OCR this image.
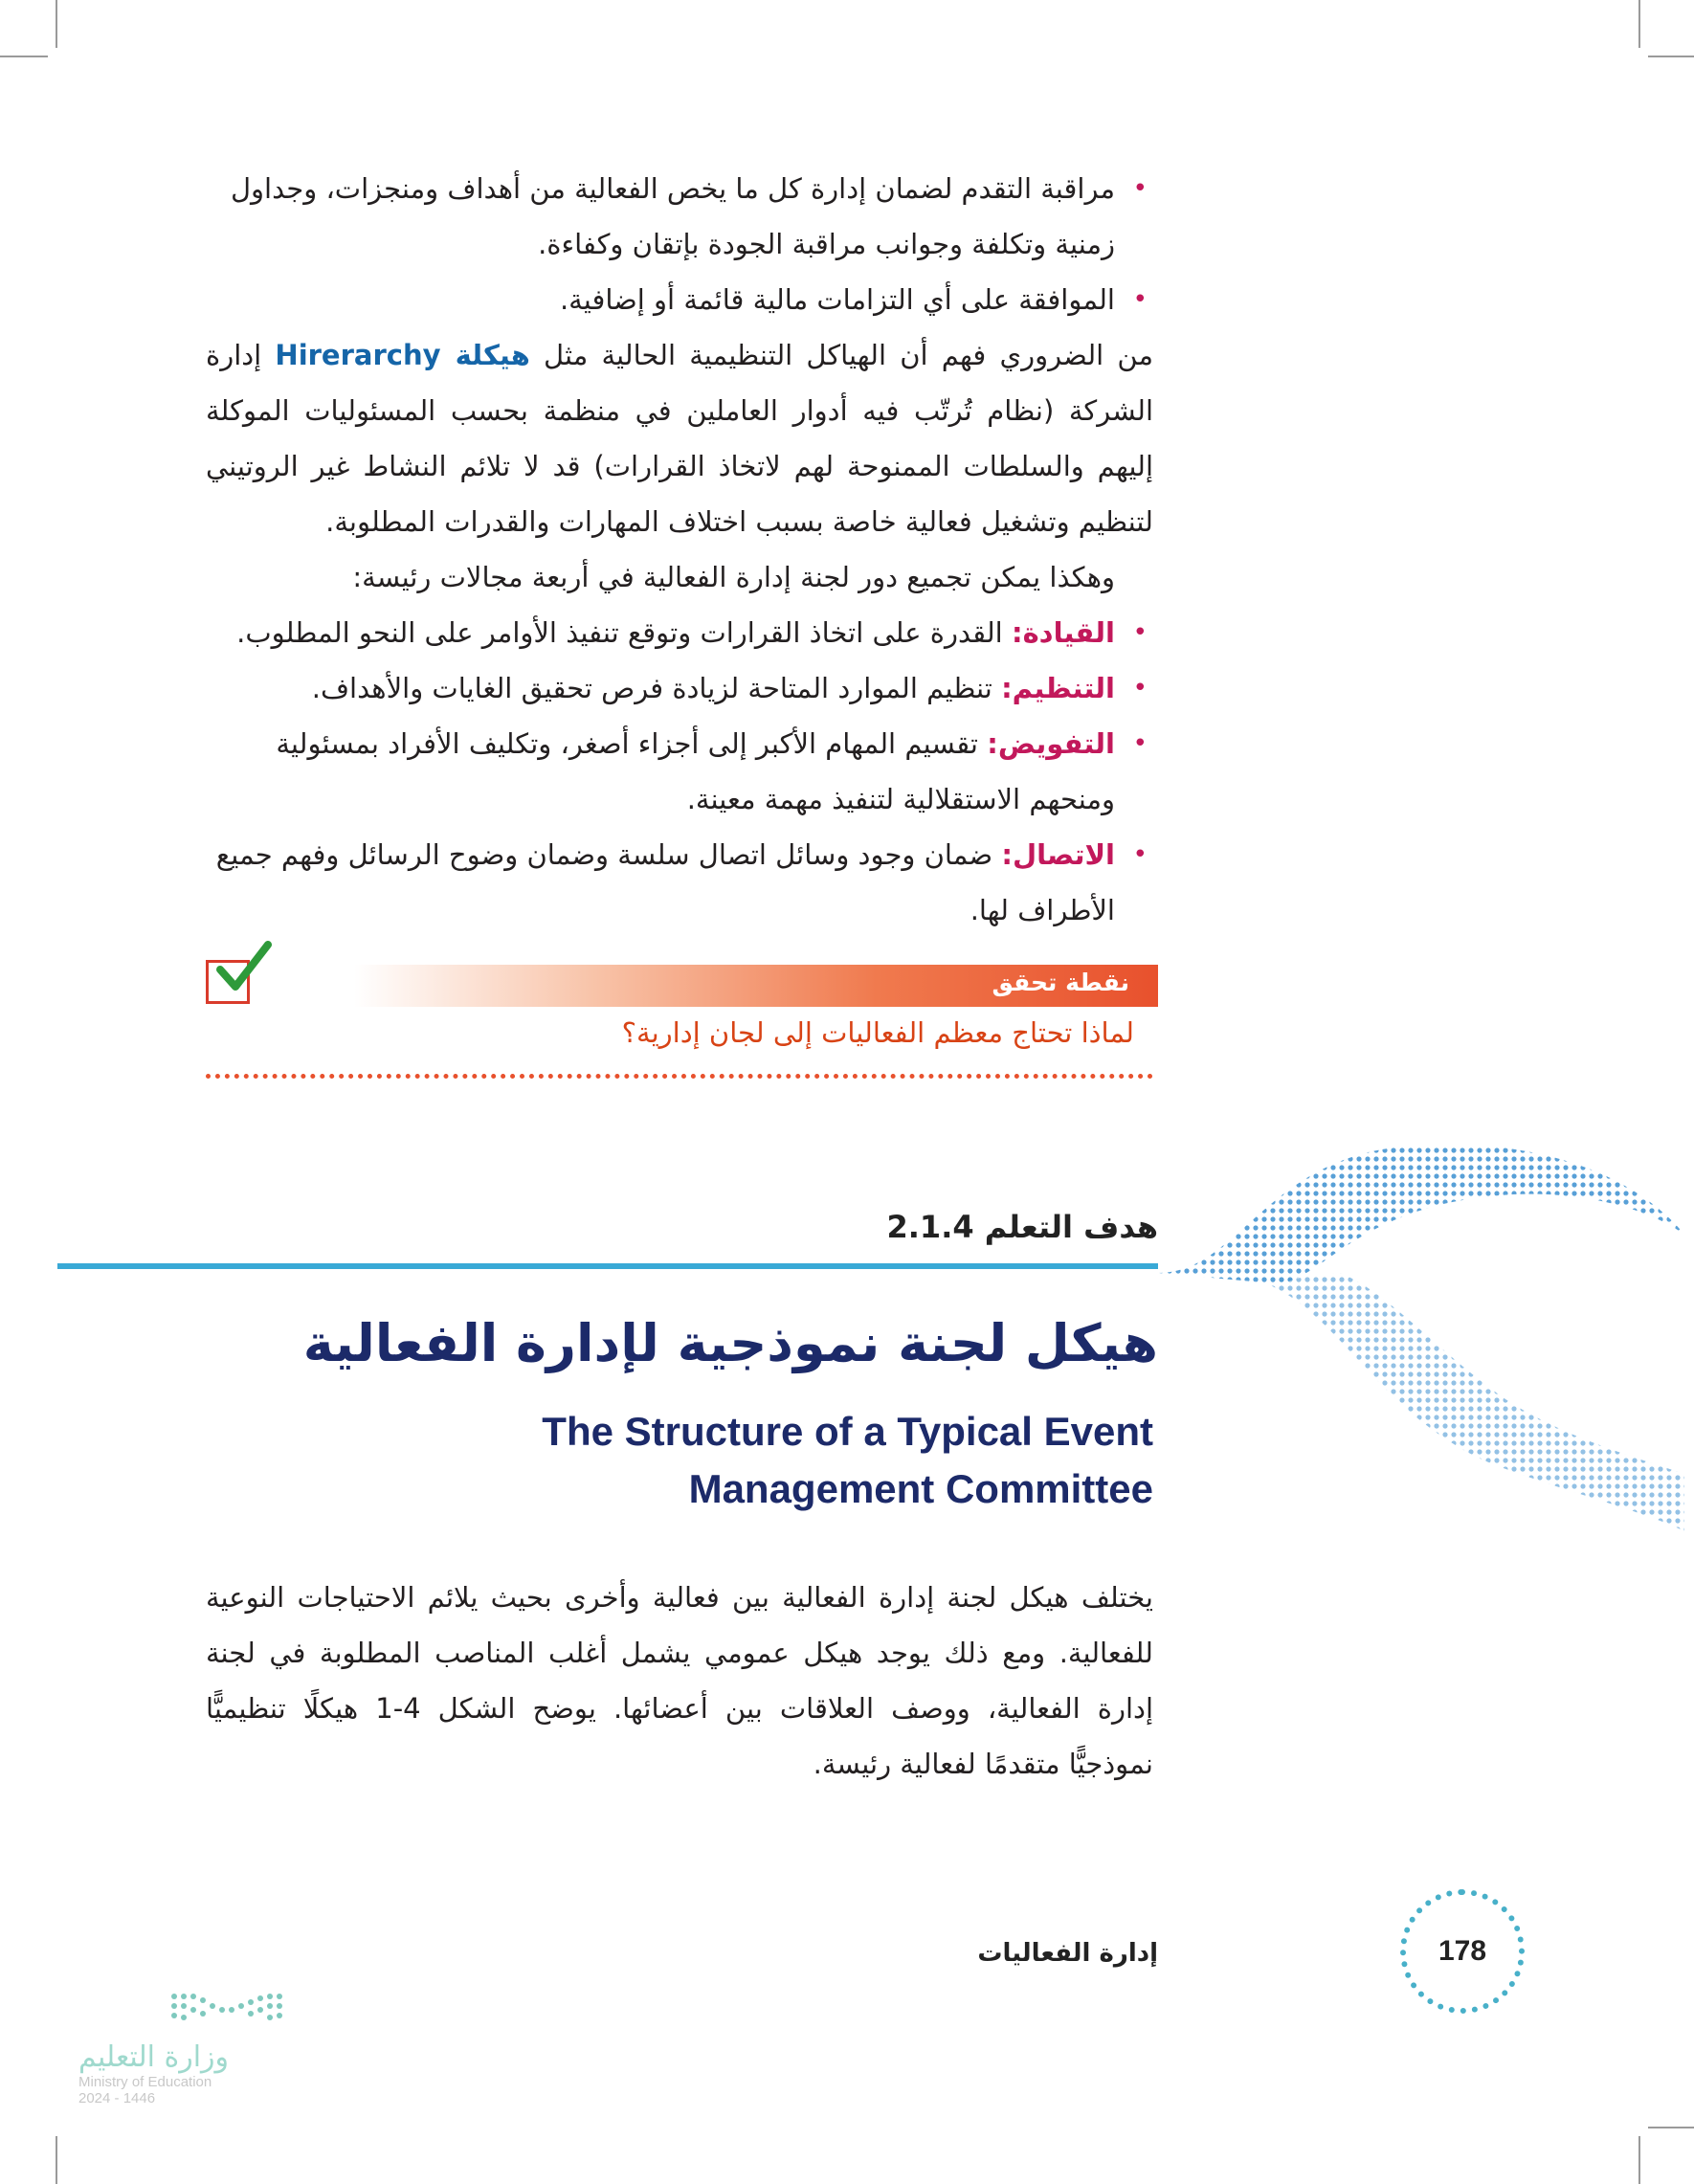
•
مراقبة التقدم لضمان إدارة كل ما يخص الفعالية من أهداف ومنجزات، وجداول زمنية وتكلفة وجوانب مراقبة الجودة بإتقان وكفاءة.
•
الموافقة على أي التزامات مالية قائمة أو إضافية.

من الضروري فهم أن الهياكل التنظيمية الحالية مثل هيكلة Hirerarchy إدارة الشركة (نظام تُرتّب فيه أدوار العاملين في منظمة بحسب المسئوليات الموكلة إليهم والسلطات الممنوحة لهم لاتخاذ القرارات) قد لا تلائم النشاط غير الروتيني لتنظيم وتشغيل فعالية خاصة بسبب اختلاف المهارات والقدرات المطلوبة.

وهكذا يمكن تجميع دور لجنة إدارة الفعالية في أربعة مجالات رئيسة:

•
القيادة: القدرة على اتخاذ القرارات وتوقع تنفيذ الأوامر على النحو المطلوب.
•
التنظيم: تنظيم الموارد المتاحة لزيادة فرص تحقيق الغايات والأهداف.
•
التفويض: تقسيم المهام الأكبر إلى أجزاء أصغر، وتكليف الأفراد بمسئولية ومنحهم الاستقلالية لتنفيذ مهمة معينة.
•
الاتصال: ضمان وجود وسائل اتصال سلسة وضمان وضوح الرسائل وفهم جميع الأطراف لها.
نقطة تحقق
لماذا تحتاج معظم الفعاليات إلى لجان إدارية؟
هدف التعلم 2.1.4
هيكل لجنة نموذجية لإدارة الفعالية
The Structure of a Typical Event Management Committee

يختلف هيكل لجنة إدارة الفعالية بين فعالية وأخرى بحيث يلائم الاحتياجات النوعية للفعالية. ومع ذلك يوجد هيكل عمومي يشمل أغلب المناصب المطلوبة في لجنة إدارة الفعالية، ووصف العلاقات بين أعضائها. يوضح الشكل 4-1 هيكلًا تنظيميًّا نموذجيًّا متقدمًا لفعالية رئيسة.

178
إدارة الفعاليات
وزارة التعليم
Ministry of Education
2024 - 1446
